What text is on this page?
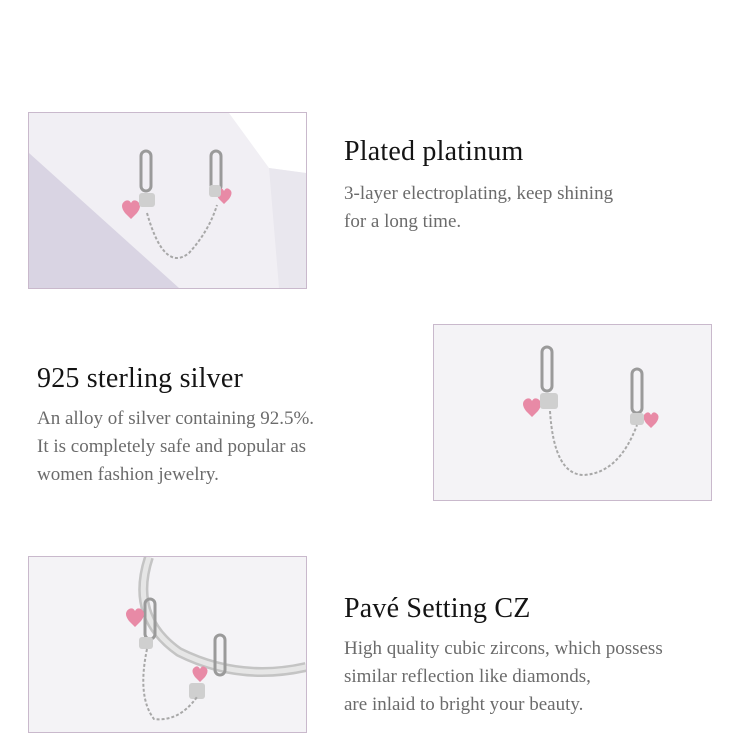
Plated platinum

3-layer electroplating, keep shining
for a long time.

925 sterling silver

An alloy of silver containing 92.5%.
It is completely safe and popular as
women fashion jewelry.

Pavé Setting CZ

High quality cubic zircons, which possess
similar reflection like diamonds,
are inlaid to bright your beauty.
